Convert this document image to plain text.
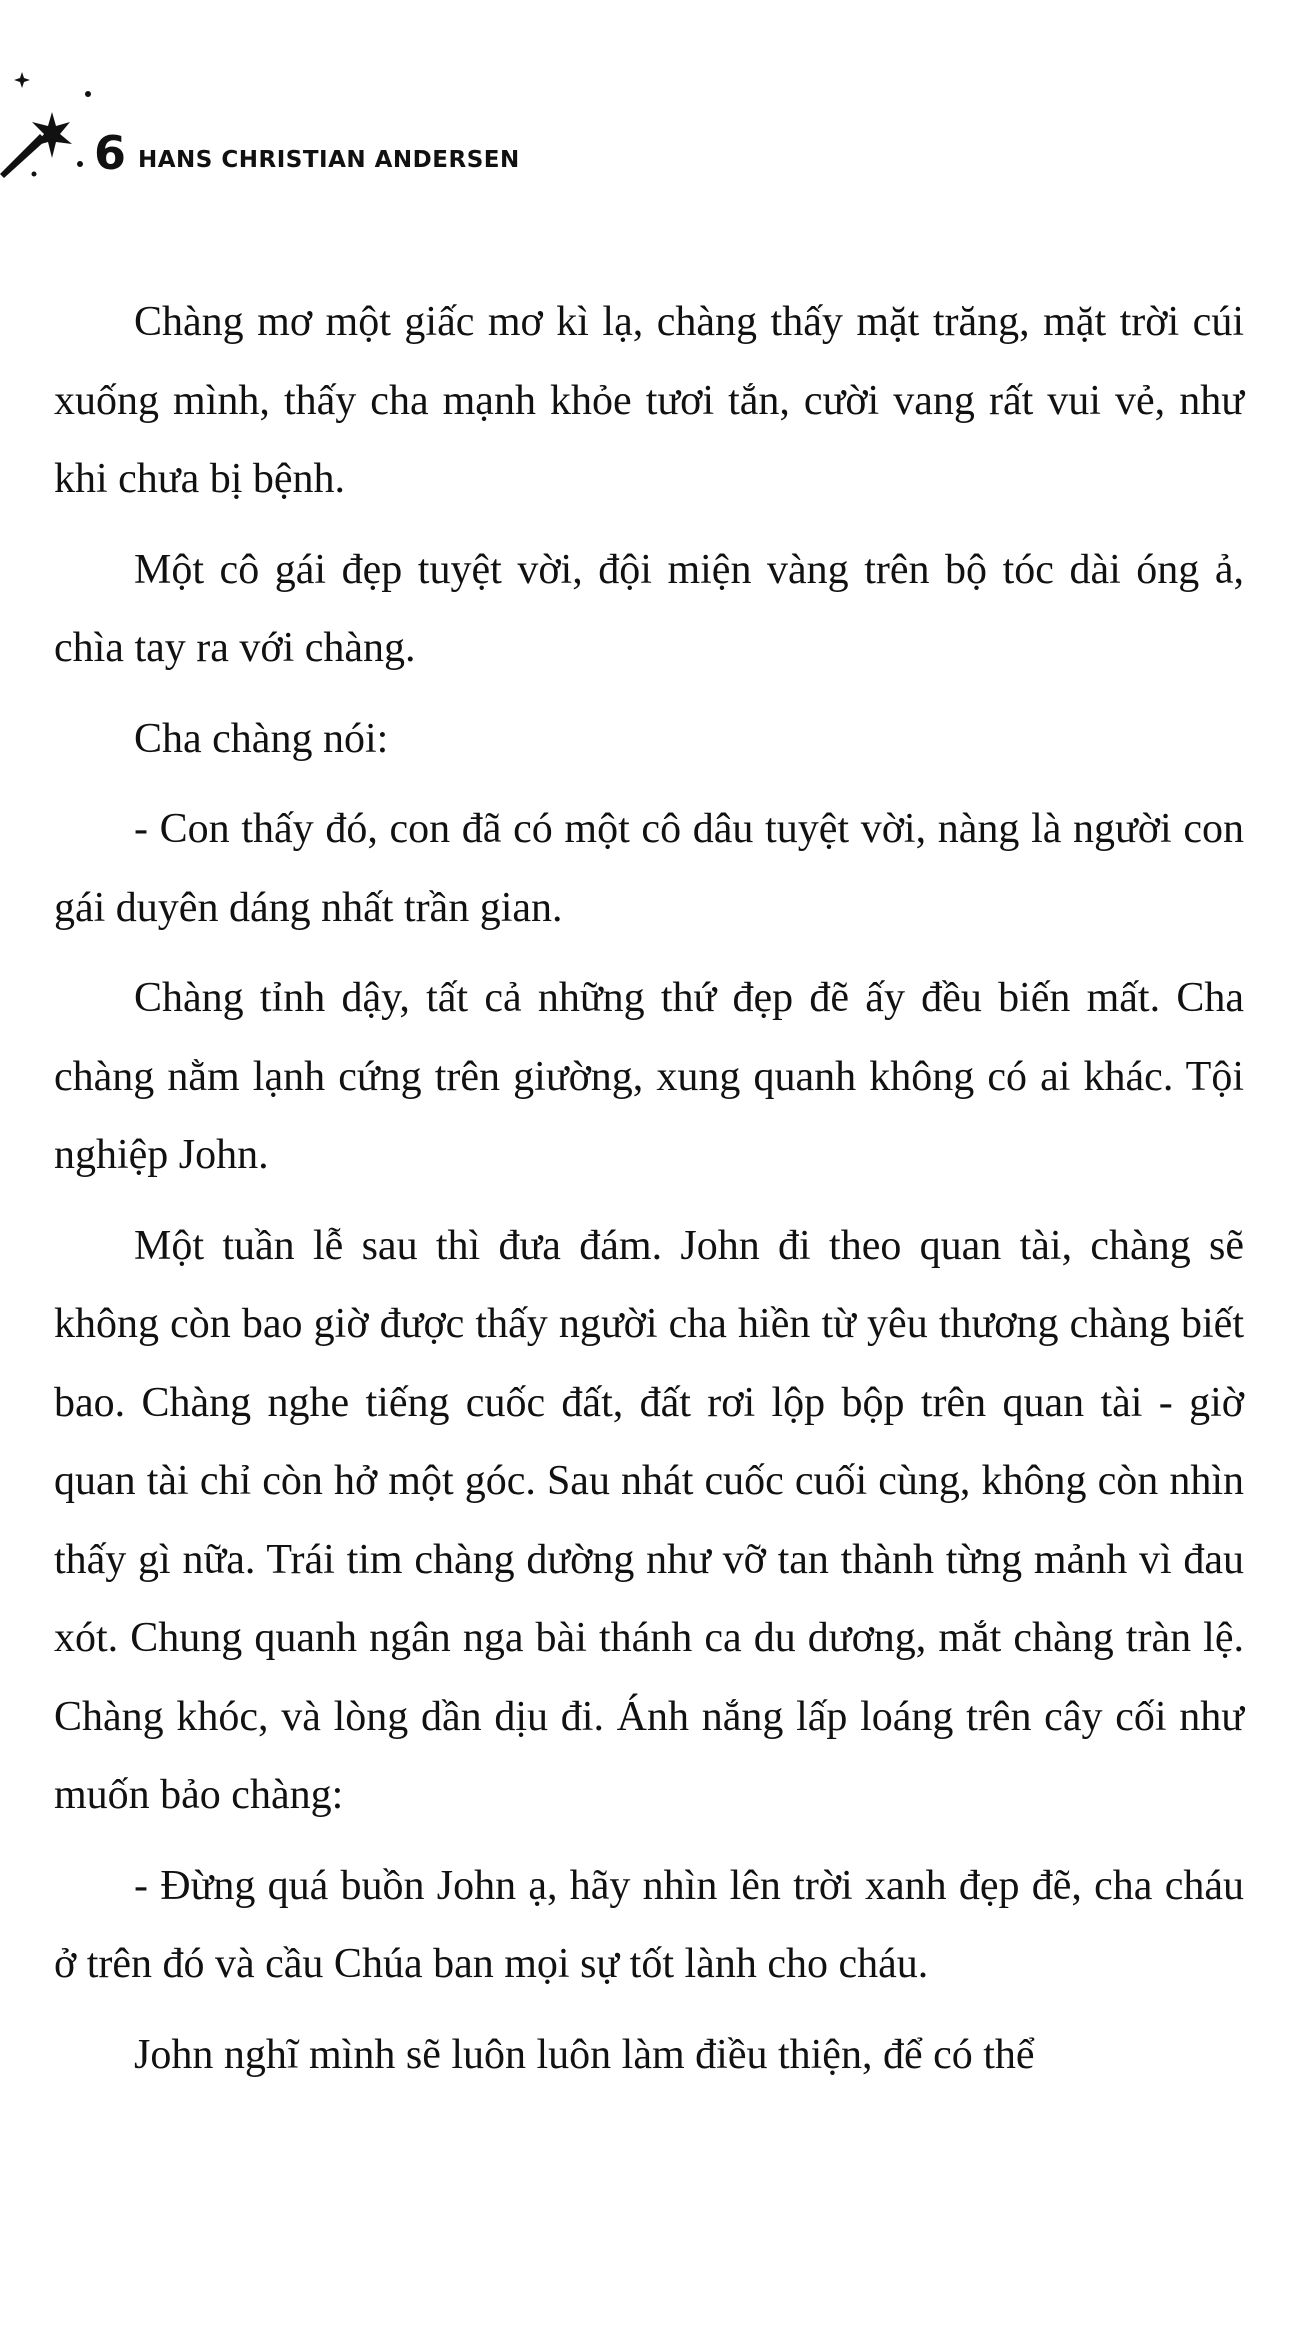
6 HANS CHRISTIAN ANDERSEN

Chàng mơ một giấc mơ kì lạ, chàng thấy mặt trăng, mặt trời cúi xuống mình, thấy cha mạnh khỏe tươi tắn, cười vang rất vui vẻ, như khi chưa bị bệnh.

Một cô gái đẹp tuyệt vời, đội miện vàng trên bộ tóc dài óng ả, chìa tay ra với chàng.

Cha chàng nói:

- Con thấy đó, con đã có một cô dâu tuyệt vời, nàng là người con gái duyên dáng nhất trần gian.

Chàng tỉnh dậy, tất cả những thứ đẹp đẽ ấy đều biến mất. Cha chàng nằm lạnh cứng trên giường, xung quanh không có ai khác. Tội nghiệp John.

Một tuần lễ sau thì đưa đám. John đi theo quan tài, chàng sẽ không còn bao giờ được thấy người cha hiền từ yêu thương chàng biết bao. Chàng nghe tiếng cuốc đất, đất rơi lộp bộp trên quan tài - giờ quan tài chỉ còn hở một góc. Sau nhát cuốc cuối cùng, không còn nhìn thấy gì nữa. Trái tim chàng dường như vỡ tan thành từng mảnh vì đau xót. Chung quanh ngân nga bài thánh ca du dương, mắt chàng tràn lệ. Chàng khóc, và lòng dần dịu đi. Ánh nắng lấp loáng trên cây cối như muốn bảo chàng:

- Đừng quá buồn John ạ, hãy nhìn lên trời xanh đẹp đẽ, cha cháu ở trên đó và cầu Chúa ban mọi sự tốt lành cho cháu.

John nghĩ mình sẽ luôn luôn làm điều thiện, để có thể
